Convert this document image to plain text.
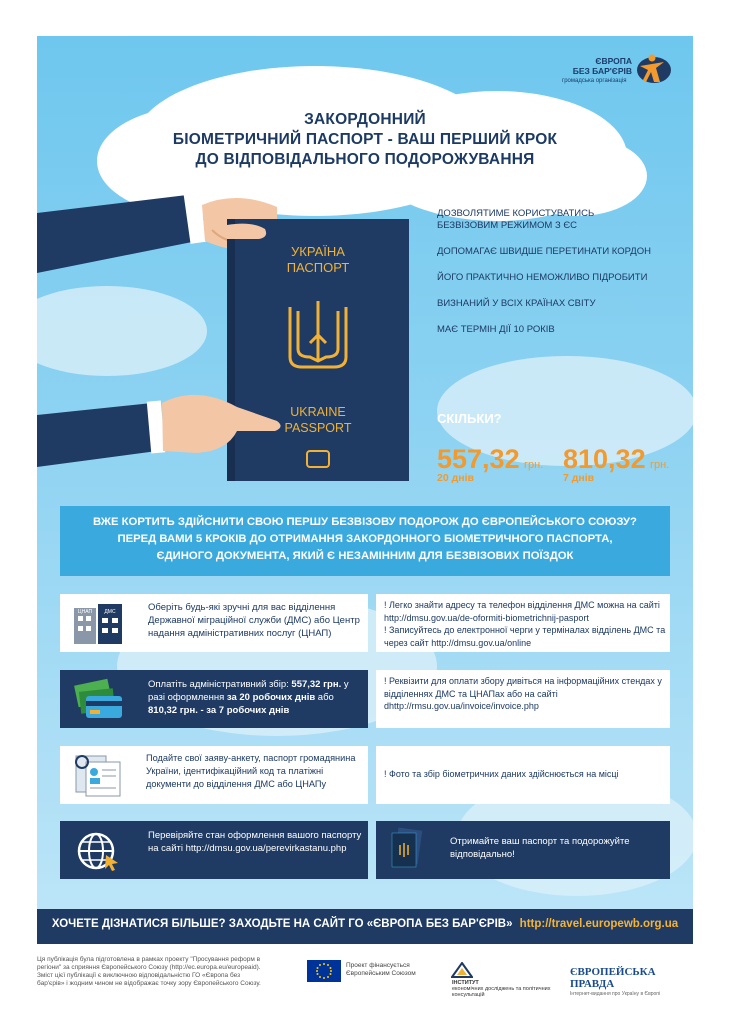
ЄВРОПА
БЕЗ БАР'ЄРІВ
громадська організація
ЗАКОРДОННИЙ
БІОМЕТРИЧНИЙ ПАСПОРТ - ВАШ ПЕРШИЙ КРОК
ДО ВІДПОВІДАЛЬНОГО ПОДОРОЖУВАННЯ
УКРАЇНА
ПАСПОРТ
UKRAINE
PASSPORT
ДОЗВОЛЯТИМЕ КОРИСТУВАТИСЬ БЕЗВІЗОВИМ РЕЖИМОМ З ЄС
ДОПОМАГАЄ ШВИДШЕ ПЕРЕТИНАТИ КОРДОН
ЙОГО ПРАКТИЧНО НЕМОЖЛИВО ПІДРОБИТИ
ВИЗНАНИЙ У ВСІХ КРАЇНАХ СВІТУ
МАЄ ТЕРМІН ДІЇ 10 РОКІВ
СКІЛЬКИ?
557,32 грн.
20 днів
810,32 грн.
7 днів
ВЖЕ КОРТИТЬ ЗДІЙСНИТИ СВОЮ ПЕРШУ БЕЗВІЗОВУ ПОДОРОЖ ДО ЄВРОПЕЙСЬКОГО СОЮЗУ?
ПЕРЕД ВАМИ 5 КРОКІВ ДО ОТРИМАННЯ ЗАКОРДОННОГО БІОМЕТРИЧНОГО ПАСПОРТА,
ЄДИНОГО ДОКУМЕНТА, ЯКИЙ Є НЕЗАМІННИМ ДЛЯ БЕЗВІЗОВИХ ПОЇЗДОК
ЦНАП ДМС	Оберіть будь-які зручні для вас відділення Державної міграційної служби (ДМС) або Центр надання адміністративних послуг (ЦНАП)
! Легко знайти адресу та телефон відділення ДМС можна на сайті http://dmsu.gov.ua/de-oformiti-biometrichnij-pasport
! Записуйтесь до електронної черги у терміналах відділень ДМС та через сайт http://dmsu.gov.ua/online
Оплатіть адміністративний збір: 557,32 грн. у разі оформлення за 20 робочих днів або 810,32 грн. - за 7 робочих днів
! Реквізити для оплати збору дивіться на інформаційних стендах у відділеннях ДМС та ЦНАПах або на сайті dhttp://rmsu.gov.ua/invoice/invoice.php
Подайте свої заяву-анкету, паспорт громадянина України, ідентифікаційний код та платіжні документи до відділення ДМС або ЦНАПу
! Фото та збір біометричних даних здійснюється на місці
Перевіряйте стан оформлення вашого паспорту на сайті http://dmsu.gov.ua/perevirkastanu.php
Отримайте ваш паспорт та подорожуйте відповідально!
ХОЧЕТЕ ДІЗНАТИСЯ БІЛЬШЕ? ЗАХОДЬТЕ НА САЙТ ГО «ЄВРОПА БЕЗ БАР'ЄРІВ» http://travel.europewb.org.ua
Ця публікація була підготовлена в рамках проекту "Просування реформ в регіони" за сприяння Європейського Союзу (http://ec.europa.eu/europeaid). Зміст цієї публікації є виключною відповідальністю ГО «Європа без бар'єрів» і жодним чином не відображає точку зору Європейського Союзу.
Проект фінансується Європейським Союзом
ІНСТИТУТ
економічних досліджень та політичних консультацій
ЄВРОПЕЙСЬКА ПРАВДА
Інтернет-видання про Україну в Європі
